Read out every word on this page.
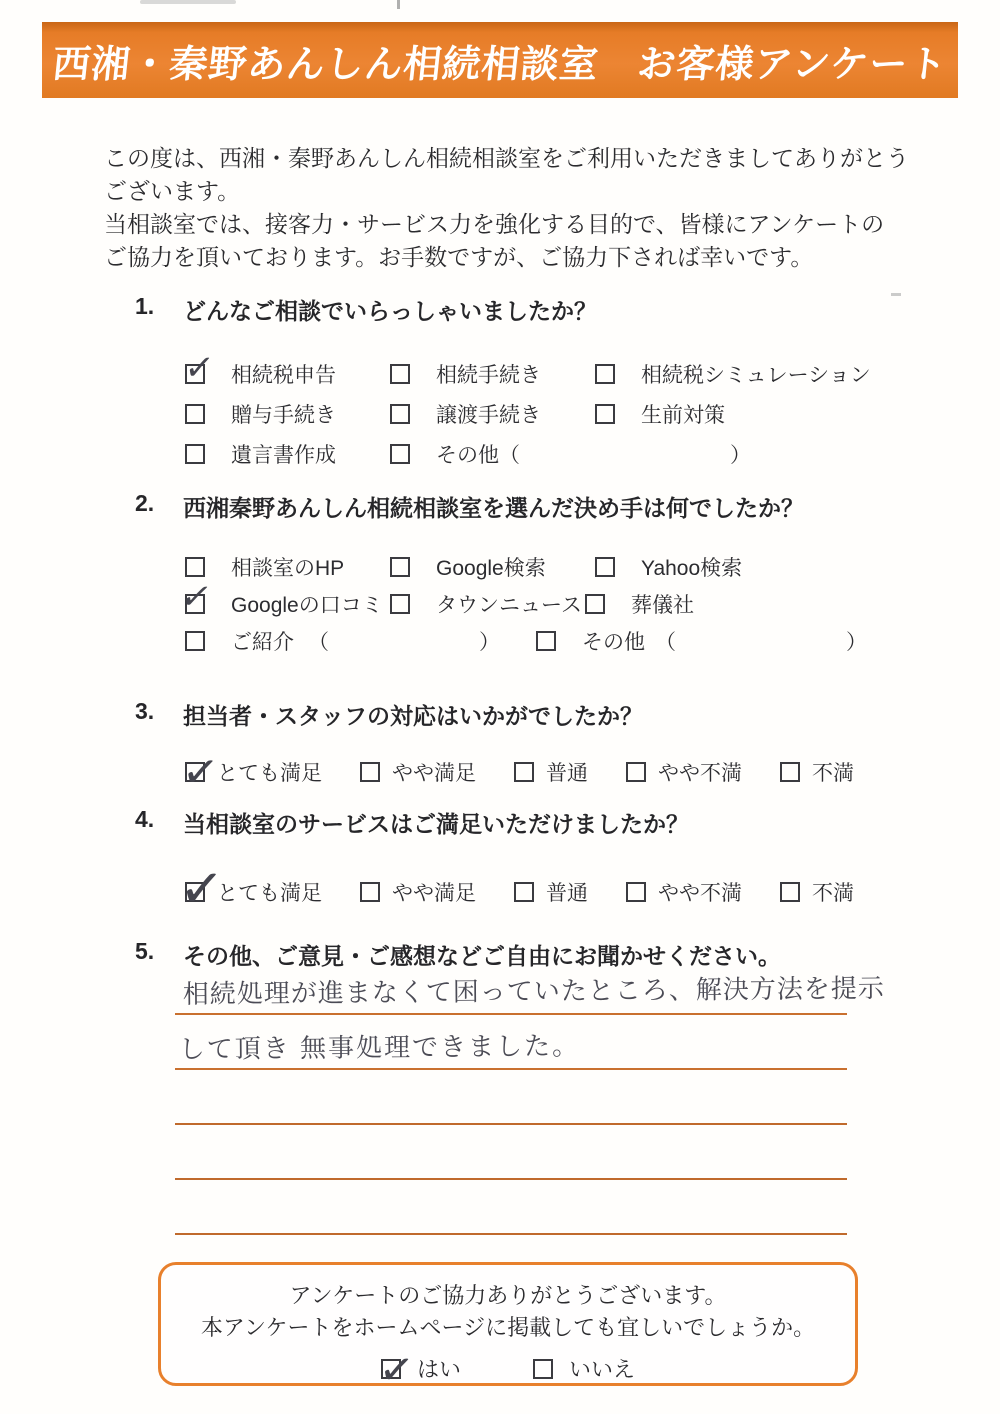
西湘・秦野あんしん相続相談室　お客様アンケート
この度は、西湘・秦野あんしん相続相談室をご利用いただきましてありがとう
ございます。
当相談室では、接客力・サービス力を強化する目的で、皆様にアンケートの
ご協力を頂いております。お手数ですが、ご協力下されば幸いです。
1.	どんなご相談でいらっしゃいましたか？
✓ 相続税申告	相続手続き	相続税シミュレーション
贈与手続き	譲渡手続き	生前対策
遺言書作成	その他 （	）
2.	西湘秦野あんしん相続相談室を選んだ決め手は何でしたか？
相談室のHP	Google検索	Yahoo検索
✓ Googleの口コミ	タウンニュース 葬儀社
ご紹介 （	）	その他 （	）
3.	担当者・スタッフの対応はいかがでしたか？
✓
とても満足	やや満足	普通	やや不満	不満
4.	当相談室のサービスはご満足いただけましたか？
✓
とても満足	やや満足	普通	やや不満	不満
5.	その他、ご意見・ご感想などご自由にお聞かせください。
相続処理が進まなくて困っていたところ、解決方法を提示
して頂き 無事処理できました。
アンケートのご協力ありがとうございます。
本アンケートをホームページに掲載しても宜しいでしょうか。
✓ はい	いいえ
